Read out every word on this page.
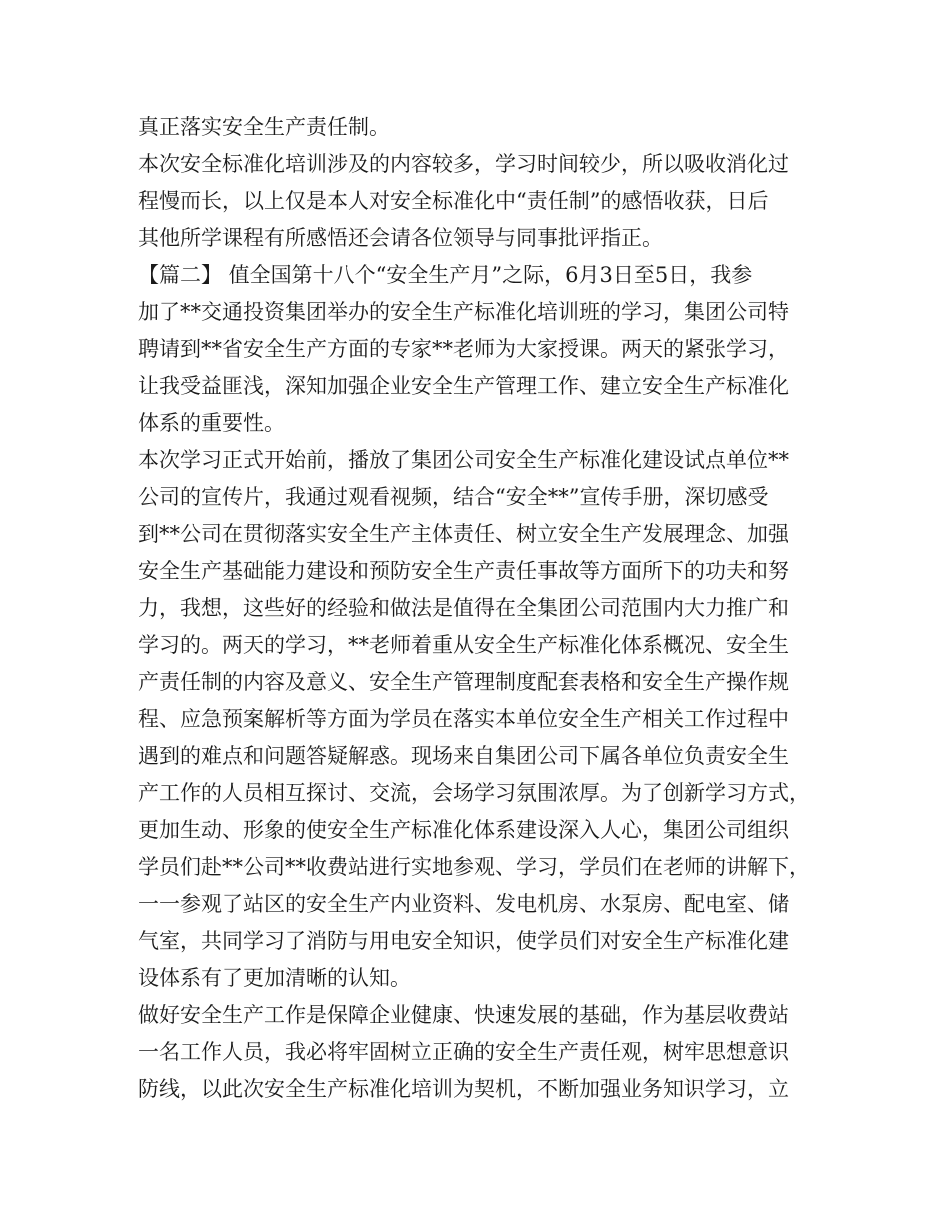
真正落实安全生产责任制。
本次安全标准化培训涉及的内容较多，学习时间较少，所以吸收消化过
程慢而长，以上仅是本人对安全标准化中“责任制”的感悟收获，日后
其他所学课程有所感悟还会请各位领导与同事批评指正。
【篇二】 值全国第十八个“安全生产月”之际，6月3日至5日，我参
加了**交通投资集团举办的安全生产标准化培训班的学习，集团公司特
聘请到**省安全生产方面的专家**老师为大家授课。两天的紧张学习，
让我受益匪浅，深知加强企业安全生产管理工作、建立安全生产标准化
体系的重要性。
本次学习正式开始前，播放了集团公司安全生产标准化建设试点单位**
公司的宣传片，我通过观看视频，结合“安全**”宣传手册，深切感受
到**公司在贯彻落实安全生产主体责任、树立安全生产发展理念、加强
安全生产基础能力建设和预防安全生产责任事故等方面所下的功夫和努
力，我想，这些好的经验和做法是值得在全集团公司范围内大力推广和
学习的。两天的学习，**老师着重从安全生产标准化体系概况、安全生
产责任制的内容及意义、安全生产管理制度配套表格和安全生产操作规
程、应急预案解析等方面为学员在落实本单位安全生产相关工作过程中
遇到的难点和问题答疑解惑。现场来自集团公司下属各单位负责安全生
产工作的人员相互探讨、交流，会场学习氛围浓厚。为了创新学习方式，
更加生动、形象的使安全生产标准化体系建设深入人心，集团公司组织
学员们赴**公司**收费站进行实地参观、学习，学员们在老师的讲解下，
一一参观了站区的安全生产内业资料、发电机房、水泵房、配电室、储
气室，共同学习了消防与用电安全知识，使学员们对安全生产标准化建
设体系有了更加清晰的认知。
做好安全生产工作是保障企业健康、快速发展的基础，作为基层收费站
一名工作人员，我必将牢固树立正确的安全生产责任观，树牢思想意识
防线，以此次安全生产标准化培训为契机，不断加强业务知识学习，立
